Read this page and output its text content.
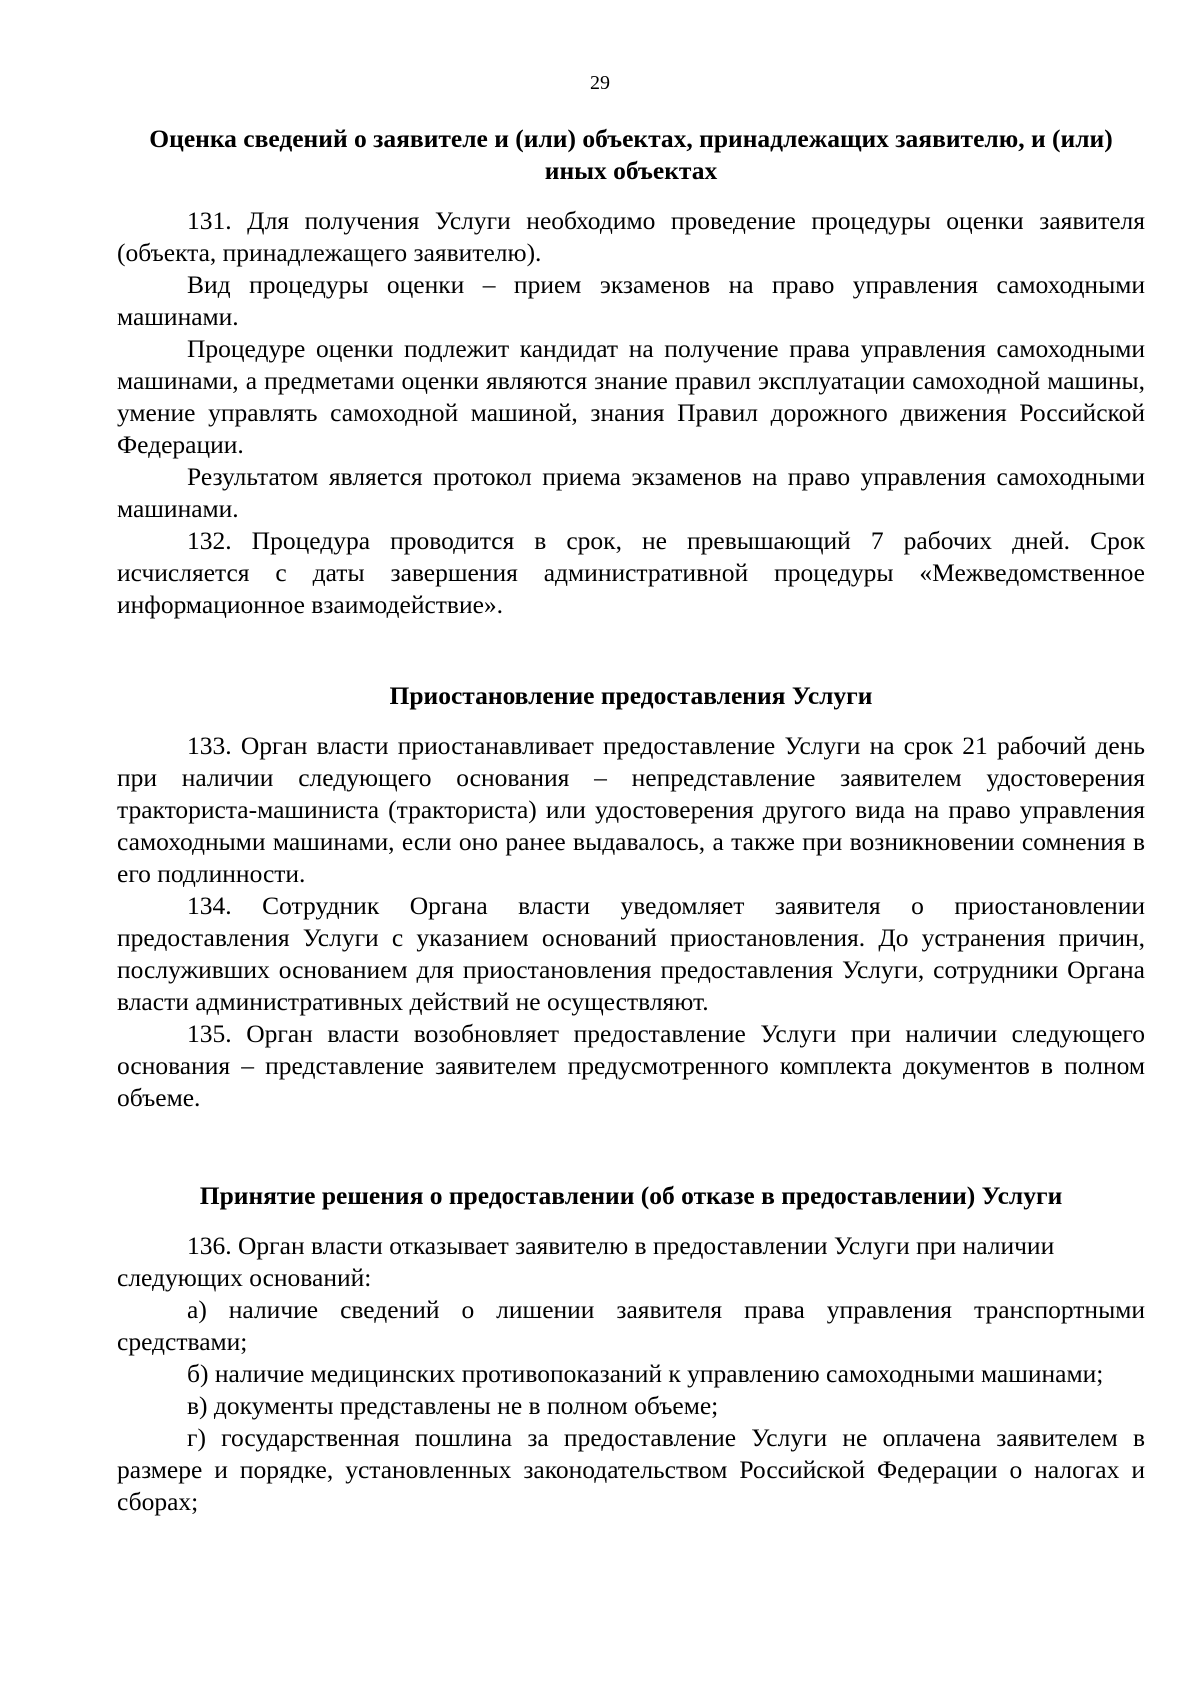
29

Оценка сведений о заявителе и (или) объектах, принадлежащих заявителю, и (или) иных объектах

131. Для получения Услуги необходимо проведение процедуры оценки заявителя (объекта, принадлежащего заявителю).

Вид процедуры оценки – прием экзаменов на право управления самоходными машинами.

Процедуре оценки подлежит кандидат на получение права управления самоходными машинами, а предметами оценки являются знание правил эксплуатации самоходной машины, умение управлять самоходной машиной, знания Правил дорожного движения Российской Федерации.

Результатом является протокол приема экзаменов на право управления самоходными машинами.

132. Процедура проводится в срок, не превышающий 7 рабочих дней. Срок исчисляется с даты завершения административной процедуры «Межведомственное информационное взаимодействие».

Приостановление предоставления Услуги

133. Орган власти приостанавливает предоставление Услуги на срок 21 рабочий день при наличии следующего основания – непредставление заявителем удостоверения тракториста-машиниста (тракториста) или удостоверения другого вида на право управления самоходными машинами, если оно ранее выдавалось, а также при возникновении сомнения в его подлинности.

134. Сотрудник Органа власти уведомляет заявителя о приостановлении предоставления Услуги с указанием оснований приостановления. До устранения причин, послуживших основанием для приостановления предоставления Услуги, сотрудники Органа власти административных действий не осуществляют.

135. Орган власти возобновляет предоставление Услуги при наличии следующего основания – представление заявителем предусмотренного комплекта документов в полном объеме.

Принятие решения о предоставлении (об отказе в предоставлении) Услуги

136. Орган власти отказывает заявителю в предоставлении Услуги при наличии следующих оснований:

а) наличие сведений о лишении заявителя права управления транспортными средствами;

б) наличие медицинских противопоказаний к управлению самоходными машинами;

в) документы представлены не в полном объеме;

г) государственная пошлина за предоставление Услуги не оплачена заявителем в размере и порядке, установленных законодательством Российской Федерации о налогах и сборах;
